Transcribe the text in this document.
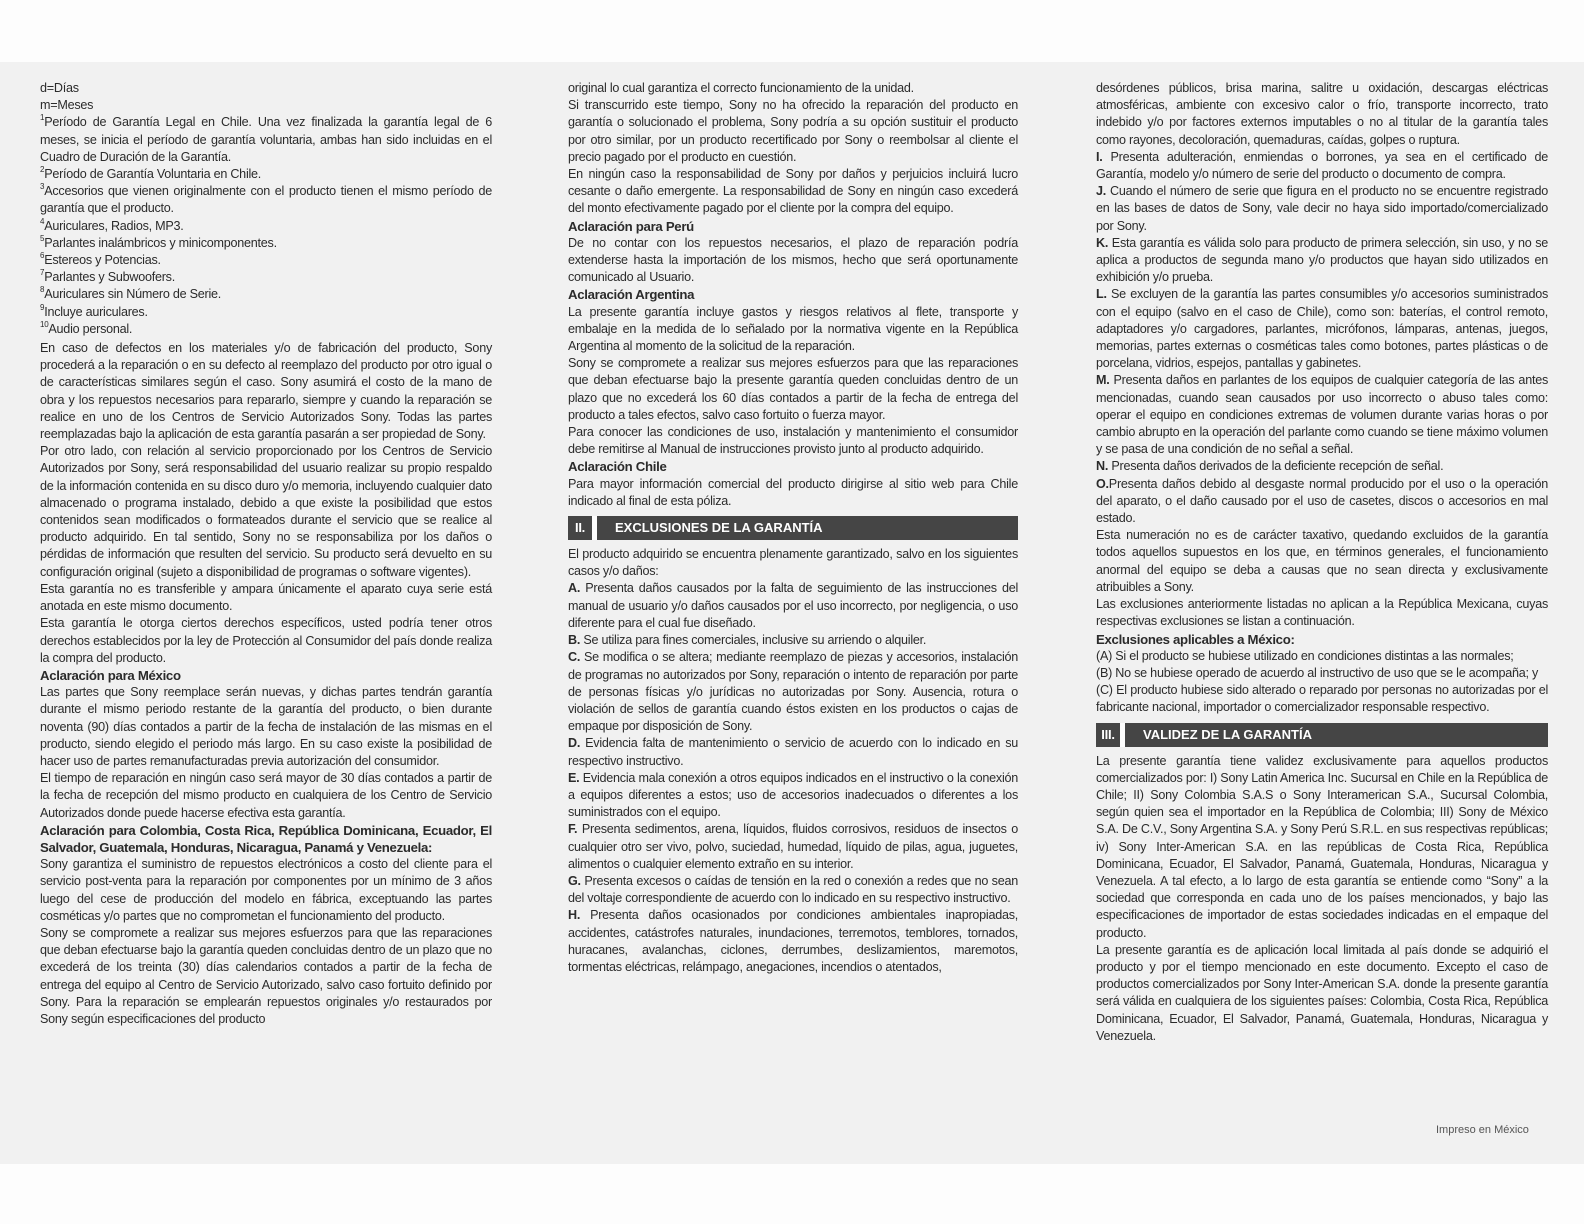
d=Días

m=Meses

$^1$Período de Garantía Legal en Chile. Una vez finalizada la garantía legal de 6 meses, se inicia el período de garantía voluntaria, ambas han sido incluidas en el Cuadro de Duración de la Garantía.

$^2$Período de Garantía Voluntaria en Chile.

$^3$Accesorios que vienen originalmente con el producto tienen el mismo período de garantía que el producto.

$^4$Auriculares, Radios, MP3.

$^5$Parlantes inalámbricos y minicomponentes.

$^6$Estereos y Potencias.

$^7$Parlantes y Subwoofers.

$^8$Auriculares sin Número de Serie.

$^9$Incluye auriculares.

$^{10}$Audio personal.

En caso de defectos en los materiales y/o de fabricación del producto, Sony procederá a la reparación o en su defecto al reemplazo del producto por otro igual o de características similares según el caso. Sony asumirá el costo de la mano de obra y los repuestos necesarios para repararlo, siempre y cuando la reparación se realice en uno de los Centros de Servicio Autorizados Sony. Todas las partes reemplazadas bajo la aplicación de esta garantía pasarán a ser propiedad de Sony.

Por otro lado, con relación al servicio proporcionado por los Centros de Servicio Autorizados por Sony, será responsabilidad del usuario realizar su propio respaldo de la información contenida en su disco duro y/o memoria, incluyendo cualquier dato almacenado o programa instalado, debido a que existe la posibilidad que estos contenidos sean modificados o formateados durante el servicio que se realice al producto adquirido. En tal sentido, Sony no se responsabiliza por los daños o pérdidas de información que resulten del servicio. Su producto será devuelto en su configuración original (sujeto a disponibilidad de programas o software vigentes).

Esta garantía no es transferible y ampara únicamente el aparato cuya serie está anotada en este mismo documento.

Esta garantía le otorga ciertos derechos específicos, usted podría tener otros derechos establecidos por la ley de Protección al Consumidor del país donde realiza la compra del producto.

Aclaración para México

Las partes que Sony reemplace serán nuevas, y dichas partes tendrán garantía durante el mismo periodo restante de la garantía del producto, o bien durante noventa (90) días contados a partir de la fecha de instalación de las mismas en el producto, siendo elegido el periodo más largo. En su caso existe la posibilidad de hacer uso de partes remanufacturadas previa autorización del consumidor.

El tiempo de reparación en ningún caso será mayor de 30 días contados a partir de la fecha de recepción del mismo producto en cualquiera de los Centro de Servicio Autorizados donde puede hacerse efectiva esta garantía.

Aclaración para Colombia, Costa Rica, República Dominicana, Ecuador, El Salvador, Guatemala, Honduras, Nicaragua, Panamá y Venezuela:

Sony garantiza el suministro de repuestos electrónicos a costo del cliente para el servicio post-venta para la reparación por componentes por un mínimo de 3 años luego del cese de producción del modelo en fábrica, exceptuando las partes cosméticas y/o partes que no comprometan el funcionamiento del producto.

Sony se compromete a realizar sus mejores esfuerzos para que las reparaciones que deban efectuarse bajo la garantía queden concluidas dentro de un plazo que no excederá de los treinta (30) días calendarios contados a partir de la fecha de entrega del equipo al Centro de Servicio Autorizado, salvo caso fortuito definido por Sony. Para la reparación se emplearán repuestos originales y/o restaurados por Sony según especificaciones del producto

original lo cual garantiza el correcto funcionamiento de la unidad.

Si transcurrido este tiempo, Sony no ha ofrecido la reparación del producto en garantía o solucionado el problema, Sony podría a su opción sustituir el producto por otro similar, por un producto recertificado por Sony o reembolsar al cliente el precio pagado por el producto en cuestión.

En ningún caso la responsabilidad de Sony por daños y perjuicios incluirá lucro cesante o daño emergente. La responsabilidad de Sony en ningún caso excederá del monto efectivamente pagado por el cliente por la compra del equipo.

Aclaración para Perú

De no contar con los repuestos necesarios, el plazo de reparación podría extenderse hasta la importación de los mismos, hecho que será oportunamente comunicado al Usuario.

Aclaración Argentina

La presente garantía incluye gastos y riesgos relativos al flete, transporte y embalaje en la medida de lo señalado por la normativa vigente en la República Argentina al momento de la solicitud de la reparación.

Sony se compromete a realizar sus mejores esfuerzos para que las reparaciones que deban efectuarse bajo la presente garantía queden concluidas dentro de un plazo que no excederá los 60 días contados a partir de la fecha de entrega del producto a tales efectos, salvo caso fortuito o fuerza mayor.

Para conocer las condiciones de uso, instalación y mantenimiento el consumidor debe remitirse al Manual de instrucciones provisto junto al producto adquirido.

Aclaración Chile

Para mayor información comercial del producto dirigirse al sitio web para Chile indicado al final de esta póliza.

II.	EXCLUSIONES DE LA GARANTÍA

El producto adquirido se encuentra plenamente garantizado, salvo en los siguientes casos y/o daños:

A. Presenta daños causados por la falta de seguimiento de las instrucciones del manual de usuario y/o daños causados por el uso incorrecto, por negligencia, o uso diferente para el cual fue diseñado.

B. Se utiliza para fines comerciales, inclusive su arriendo o alquiler.

C. Se modifica o se altera; mediante reemplazo de piezas y accesorios, instalación de programas no autorizados por Sony, reparación o intento de reparación por parte de personas físicas y/o jurídicas no autorizadas por Sony. Ausencia, rotura o violación de sellos de garantía cuando éstos existen en los productos o cajas de empaque por disposición de Sony.

D. Evidencia falta de mantenimiento o servicio de acuerdo con lo indicado en su respectivo instructivo.

E. Evidencia mala conexión a otros equipos indicados en el instructivo o la conexión a equipos diferentes a estos; uso de accesorios inadecuados o diferentes a los suministrados con el equipo.

F. Presenta sedimentos, arena, líquidos, fluidos corrosivos, residuos de insectos o cualquier otro ser vivo, polvo, suciedad, humedad, líquido de pilas, agua, juguetes, alimentos o cualquier elemento extraño en su interior.

G. Presenta excesos o caídas de tensión en la red o conexión a redes que no sean del voltaje correspondiente de acuerdo con lo indicado en su respectivo instructivo.

H. Presenta daños ocasionados por condiciones ambientales inapropiadas, accidentes, catástrofes naturales, inundaciones, terremotos, temblores, tornados, huracanes, avalanchas, ciclones, derrumbes, deslizamientos, maremotos, tormentas eléctricas, relámpago, anegaciones, incendios o atentados,

desórdenes públicos, brisa marina, salitre u oxidación, descargas eléctricas atmosféricas, ambiente con excesivo calor o frío, transporte incorrecto, trato indebido y/o por factores externos imputables o no al titular de la garantía tales como rayones, decoloración, quemaduras, caídas, golpes o ruptura.

I. Presenta adulteración, enmiendas o borrones, ya sea en el certificado de Garantía, modelo y/o número de serie del producto o documento de compra.

J. Cuando el número de serie que figura en el producto no se encuentre registrado en las bases de datos de Sony, vale decir no haya sido importado/comercializado por Sony.

K. Esta garantía es válida solo para producto de primera selección, sin uso, y no se aplica a productos de segunda mano y/o productos que hayan sido utilizados en exhibición y/o prueba.

L. Se excluyen de la garantía las partes consumibles y/o accesorios suministrados con el equipo (salvo en el caso de Chile), como son: baterías, el control remoto, adaptadores y/o cargadores, parlantes, micrófonos, lámparas, antenas, juegos, memorias, partes externas o cosméticas tales como botones, partes plásticas o de porcelana, vidrios, espejos, pantallas y gabinetes.

M. Presenta daños en parlantes de los equipos de cualquier categoría de las antes mencionadas, cuando sean causados por uso incorrecto o abuso tales como: operar el equipo en condiciones extremas de volumen durante varias horas o por cambio abrupto en la operación del parlante como cuando se tiene máximo volumen y se pasa de una condición de no señal a señal.

N. Presenta daños derivados de la deficiente recepción de señal.

O.Presenta daños debido al desgaste normal producido por el uso o la operación del aparato, o el daño causado por el uso de casetes, discos o accesorios en mal estado.

Esta numeración no es de carácter taxativo, quedando excluidos de la garantía todos aquellos supuestos en los que, en términos generales, el funcionamiento anormal del equipo se deba a causas que no sean directa y exclusivamente atribuibles a Sony.

Las exclusiones anteriormente listadas no aplican a la República Mexicana, cuyas respectivas exclusiones se listan a continuación.

Exclusiones aplicables a México:

(A) Si el producto se hubiese utilizado en condiciones distintas a las normales;

(B) No se hubiese operado de acuerdo al instructivo de uso que se le acompaña; y

(C) El producto hubiese sido alterado o reparado por personas no autorizadas por el fabricante nacional, importador o comercializador responsable respectivo.

III.	VALIDEZ DE LA GARANTÍA

La presente garantía tiene validez exclusivamente para aquellos productos comercializados por: I) Sony Latin America Inc. Sucursal en Chile en la República de Chile; II) Sony Colombia S.A.S o Sony Interamerican S.A., Sucursal Colombia, según quien sea el importador en la República de Colombia; III) Sony de México S.A. De C.V., Sony Argentina S.A. y Sony Perú S.R.L. en sus respectivas repúblicas; iv) Sony Inter-American S.A. en las repúblicas de Costa Rica, República Dominicana, Ecuador, El Salvador, Panamá, Guatemala, Honduras, Nicaragua y Venezuela. A tal efecto, a lo largo de esta garantía se entiende como “Sony” a la sociedad que corresponda en cada uno de los países mencionados, y bajo las especificaciones de importador de estas sociedades indicadas en el empaque del producto.

La presente garantía es de aplicación local limitada al país donde se adquirió el producto y por el tiempo mencionado en este documento. Excepto el caso de productos comercializados por Sony Inter-American S.A. donde la presente garantía será válida en cualquiera de los siguientes países: Colombia, Costa Rica, República Dominicana, Ecuador, El Salvador, Panamá, Guatemala, Honduras, Nicaragua y Venezuela.

Impreso en México
